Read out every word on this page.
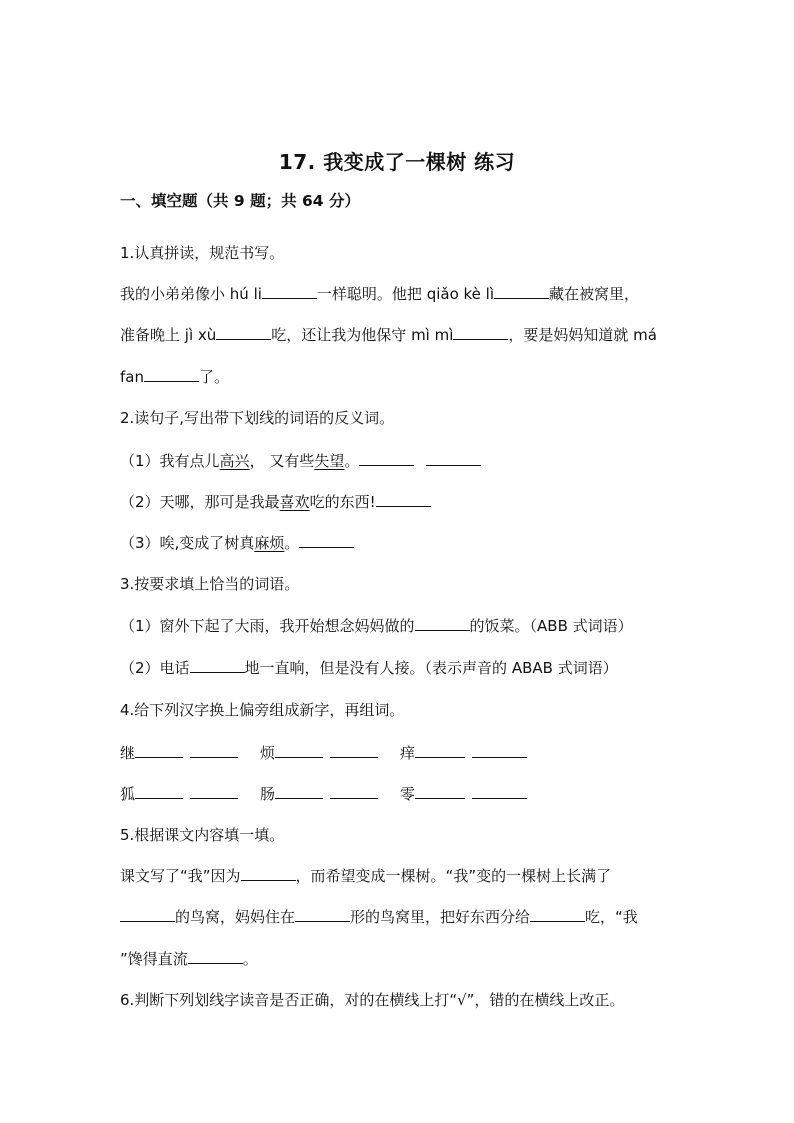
17. 我变成了一棵树 练习
一、填空题（共 9 题；共 64 分）
1.认真拼读，规范书写。
我的小弟弟像小 hú li	一样聪明。他把 qiǎo kè lì	藏在被窝里，
准备晚上 jì xù	吃，还让我为他保守 mì mì	，要是妈妈知道就 má
fan	了。
2.读句子,写出带下划线的词语的反义词。
（1）我有点儿高兴， 又有些失望。
（2）天哪，那可是我最喜欢吃的东西!
（3）唉,变成了树真麻烦。
3.按要求填上恰当的词语。
（1）窗外下起了大雨，我开始想念妈妈做的	的饭菜。（ABB 式词语）
（2）电话	地一直响，但是没有人接。（表示声音的 ABAB 式词语）
4.给下列汉字换上偏旁组成新字，再组词。
继	烦	痒
狐	肠	零
5.根据课文内容填一填。
课文写了“我”因为	，而希望变成一棵树。“我”变的一棵树上长满了
的鸟窝，妈妈住在	形的鸟窝里，把好东西分给	吃，“我
”馋得直流	。
6.判断下列划线字读音是否正确，对的在横线上打“√”，错的在横线上改正。
